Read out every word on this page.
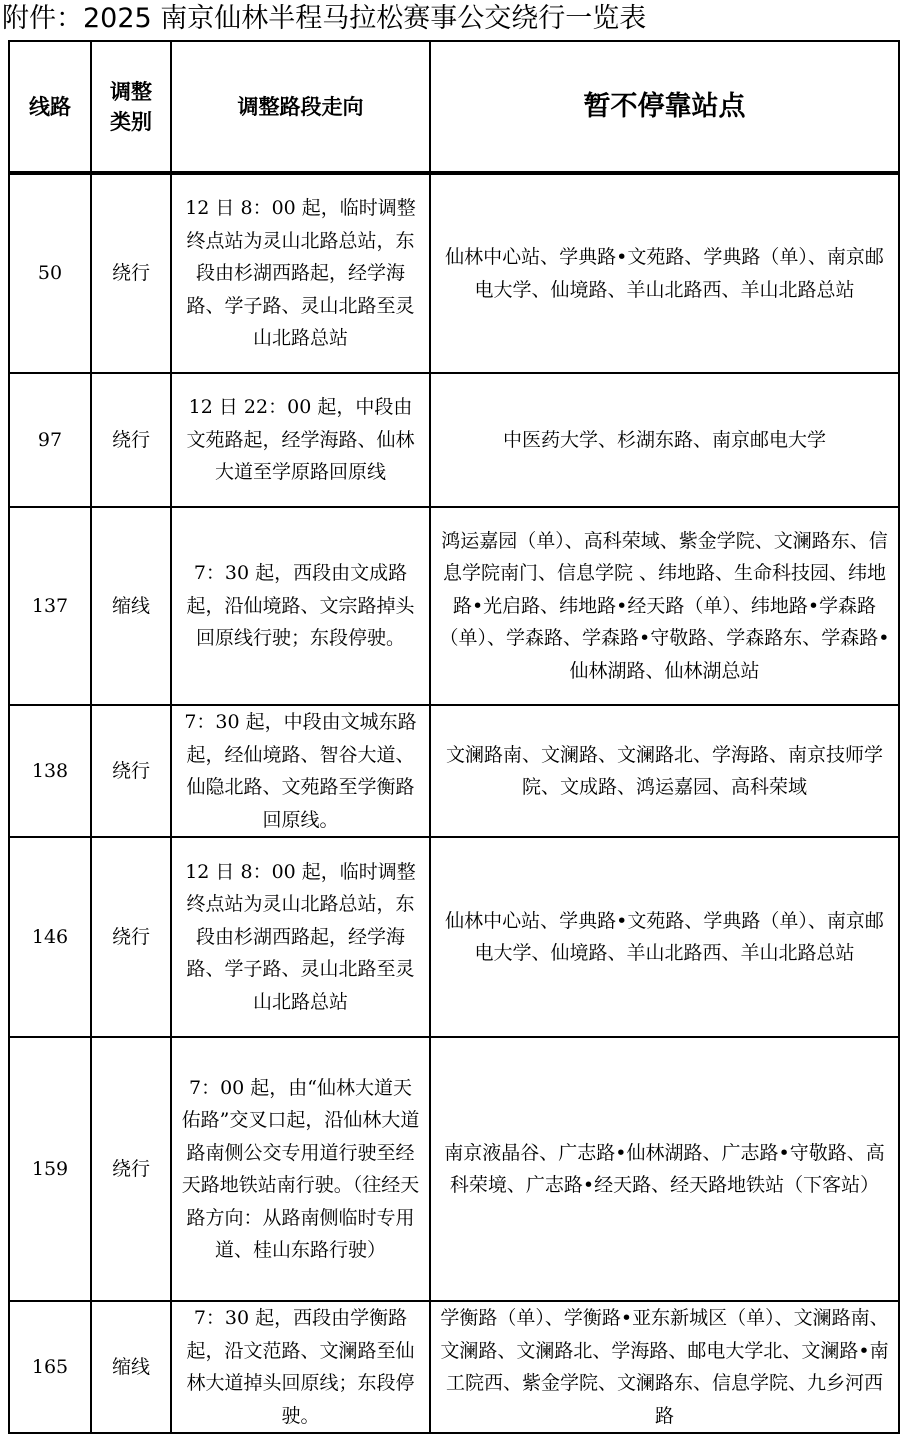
附件：2025 南京仙林半程马拉松赛事公交绕行一览表
线路	调整类别	调整路段走向	暂不停靠站点
50	绕行	12 日 8：00 起，临时调整终点站为灵山北路总站，东段由杉湖西路起，经学海路、学子路、灵山北路至灵山北路总站	仙林中心站、学典路•文苑路、学典路（单）、南京邮电大学、仙境路、羊山北路西、羊山北路总站
97	绕行	12 日 22：00 起，中段由文苑路起，经学海路、仙林大道至学原路回原线	中医药大学、杉湖东路、南京邮电大学
137	缩线	7：30 起，西段由文成路起，沿仙境路、文宗路掉头回原线行驶；东段停驶。	鸿运嘉园（单）、高科荣域、紫金学院、文澜路东、信息学院南门、信息学院 、纬地路、生命科技园、纬地路•光启路、纬地路•经天路（单）、纬地路•学森路（单）、学森路、学森路•守敬路、学森路东、学森路•仙林湖路、仙林湖总站
138	绕行	7：30 起，中段由文城东路起，经仙境路、智谷大道、仙隐北路、文苑路至学衡路回原线。	文澜路南、文澜路、文澜路北、学海路、南京技师学院、文成路、鸿运嘉园、高科荣域
146	绕行	12 日 8：00 起，临时调整终点站为灵山北路总站，东段由杉湖西路起，经学海路、学子路、灵山北路至灵山北路总站	仙林中心站、学典路•文苑路、学典路（单）、南京邮电大学、仙境路、羊山北路西、羊山北路总站
159	绕行	7：00 起，由“仙林大道天佑路”交叉口起，沿仙林大道路南侧公交专用道行驶至经天路地铁站南行驶。（往经天路方向：从路南侧临时专用道、桂山东路行驶）	南京液晶谷、广志路•仙林湖路、广志路•守敬路、高科荣境、广志路•经天路、经天路地铁站（下客站）
165	缩线	7：30 起，西段由学衡路起，沿文范路、文澜路至仙林大道掉头回原线；东段停驶。	学衡路（单）、学衡路•亚东新城区（单）、文澜路南、文澜路、文澜路北、学海路、邮电大学北、文澜路•南工院西、紫金学院、文澜路东、信息学院、九乡河西路
